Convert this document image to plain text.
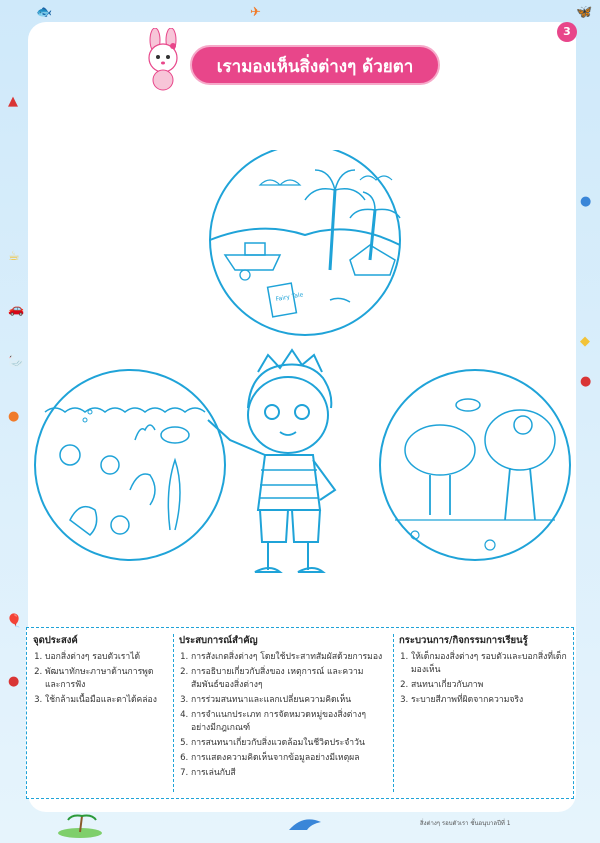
🐟	✈	🦋
▲
☕
🚗
🦢
●
🎈
●
●
●
◆
3
เรามองเห็นสิ่งต่างๆ ด้วยตา
Fairy Tale
จุดประสงค์
1. บอกสิ่งต่างๆ รอบตัวเราได้
2. พัฒนาทักษะภาษาด้านการพูดและการฟัง
3. ใช้กล้ามเนื้อมือและตาได้คล่อง
ประสบการณ์สำคัญ
1. การสังเกตสิ่งต่างๆ โดยใช้ประสาทสัมผัสด้วยการมอง
2. การอธิบายเกี่ยวกับสิ่งของ เหตุการณ์ และความสัมพันธ์ของสิ่งต่างๆ
3. การร่วมสนทนาและแลกเปลี่ยนความคิดเห็น
4. การจำแนกประเภท การจัดหมวดหมู่ของสิ่งต่างๆ อย่างมีกฎเกณฑ์
5. การสนทนาเกี่ยวกับสิ่งแวดล้อมในชีวิตประจำวัน
6. การแสดงความคิดเห็นจากข้อมูลอย่างมีเหตุผล
7. การเล่นกับสี
กระบวนการ/กิจกรรมการเรียนรู้
1. ให้เด็กมองสิ่งต่างๆ รอบตัวและบอกสิ่งที่เด็กมองเห็น
2. สนทนาเกี่ยวกับภาพ
3. ระบายสีภาพที่ผิดจากความจริง
สิ่งต่างๆ รอบตัวเรา ชั้นอนุบาลปีที่ 1
